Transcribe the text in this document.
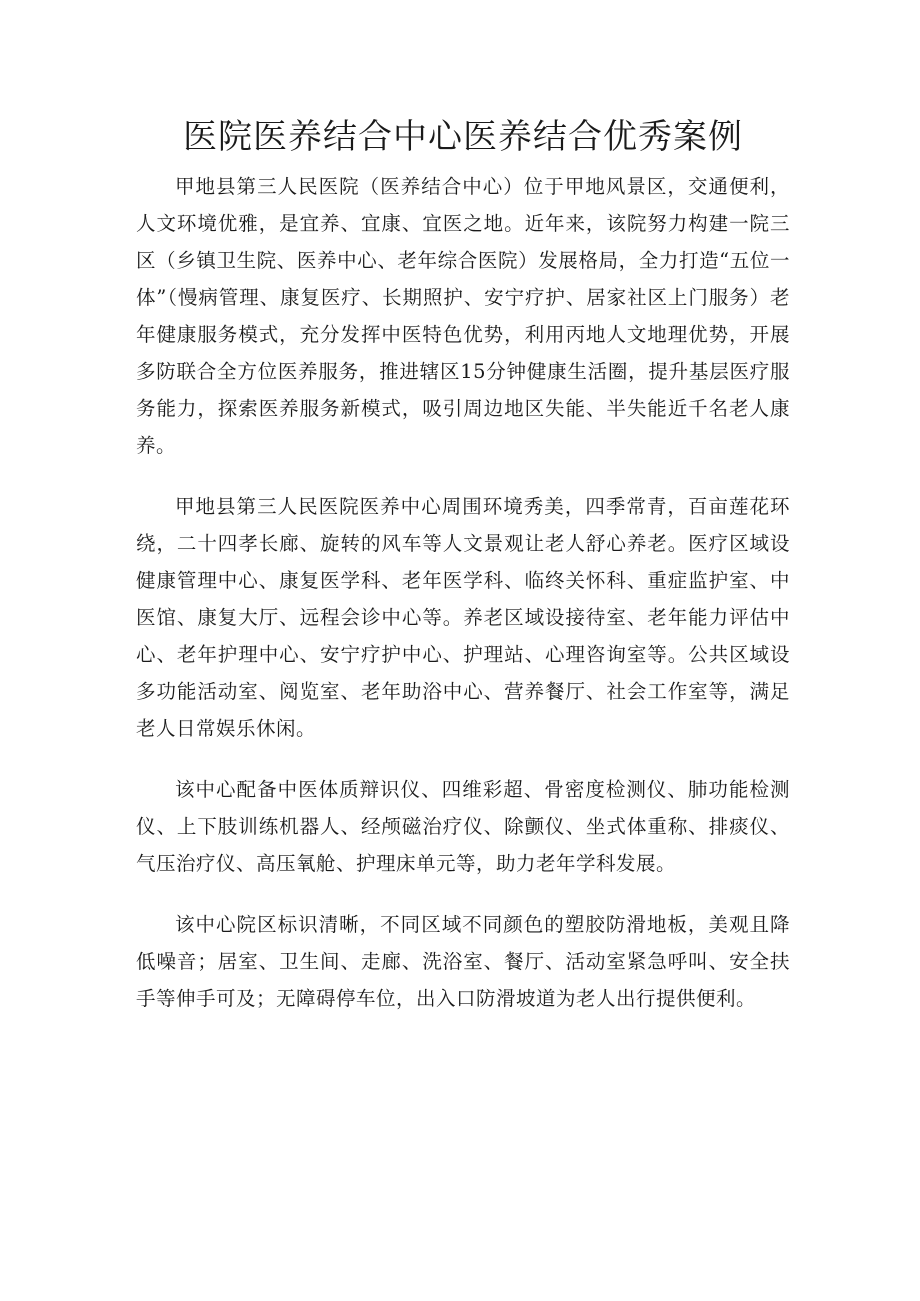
医院医养结合中心医养结合优秀案例

甲地县第三人民医院（医养结合中心）位于甲地风景区，交通便利，人文环境优雅，是宜养、宜康、宜医之地。近年来，该院努力构建一院三区（乡镇卫生院、医养中心、老年综合医院）发展格局，全力打造“五位一体”（慢病管理、康复医疗、长期照护、安宁疗护、居家社区上门服务）老年健康服务模式，充分发挥中医特色优势，利用丙地人文地理优势，开展多防联合全方位医养服务，推进辖区15分钟健康生活圈，提升基层医疗服务能力，探索医养服务新模式，吸引周边地区失能、半失能近千名老人康养。

甲地县第三人民医院医养中心周围环境秀美，四季常青，百亩莲花环绕，二十四孝长廊、旋转的风车等人文景观让老人舒心养老。医疗区域设健康管理中心、康复医学科、老年医学科、临终关怀科、重症监护室、中医馆、康复大厅、远程会诊中心等。养老区域设接待室、老年能力评估中心、老年护理中心、安宁疗护中心、护理站、心理咨询室等。公共区域设多功能活动室、阅览室、老年助浴中心、营养餐厅、社会工作室等，满足老人日常娱乐休闲。

该中心配备中医体质辩识仪、四维彩超、骨密度检测仪、肺功能检测仪、上下肢训练机器人、经颅磁治疗仪、除颤仪、坐式体重称、排痰仪、气压治疗仪、高压氧舱、护理床单元等，助力老年学科发展。

该中心院区标识清晰，不同区域不同颜色的塑胶防滑地板，美观且降低噪音；居室、卫生间、走廊、洗浴室、餐厅、活动室紧急呼叫、安全扶手等伸手可及；无障碍停车位，出入口防滑坡道为老人出行提供便利。
